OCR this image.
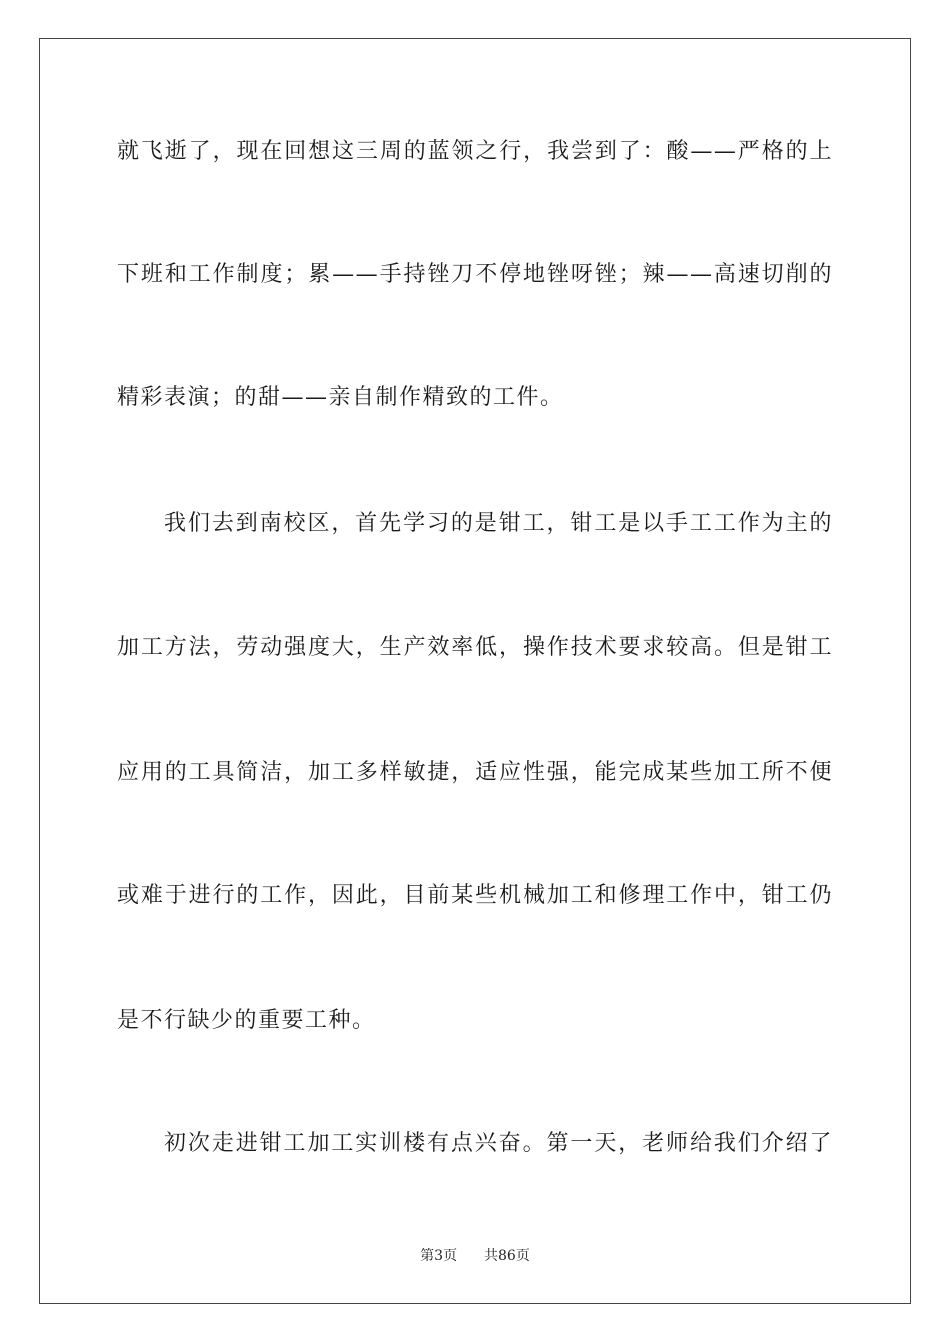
就飞逝了，现在回想这三周的蓝领之行，我尝到了：酸——严格的上
下班和工作制度；累——手持锉刀不停地锉呀锉；辣——高速切削的
精彩表演；的甜——亲自制作精致的工件。
我们去到南校区，首先学习的是钳工，钳工是以手工工作为主的
加工方法，劳动强度大，生产效率低，操作技术要求较高。但是钳工
应用的工具简洁，加工多样敏捷，适应性强，能完成某些加工所不便
或难于进行的工作，因此，目前某些机械加工和修理工作中，钳工仍
是不行缺少的重要工种。
初次走进钳工加工实训楼有点兴奋。第一天，老师给我们介绍了
第3页 共86页
